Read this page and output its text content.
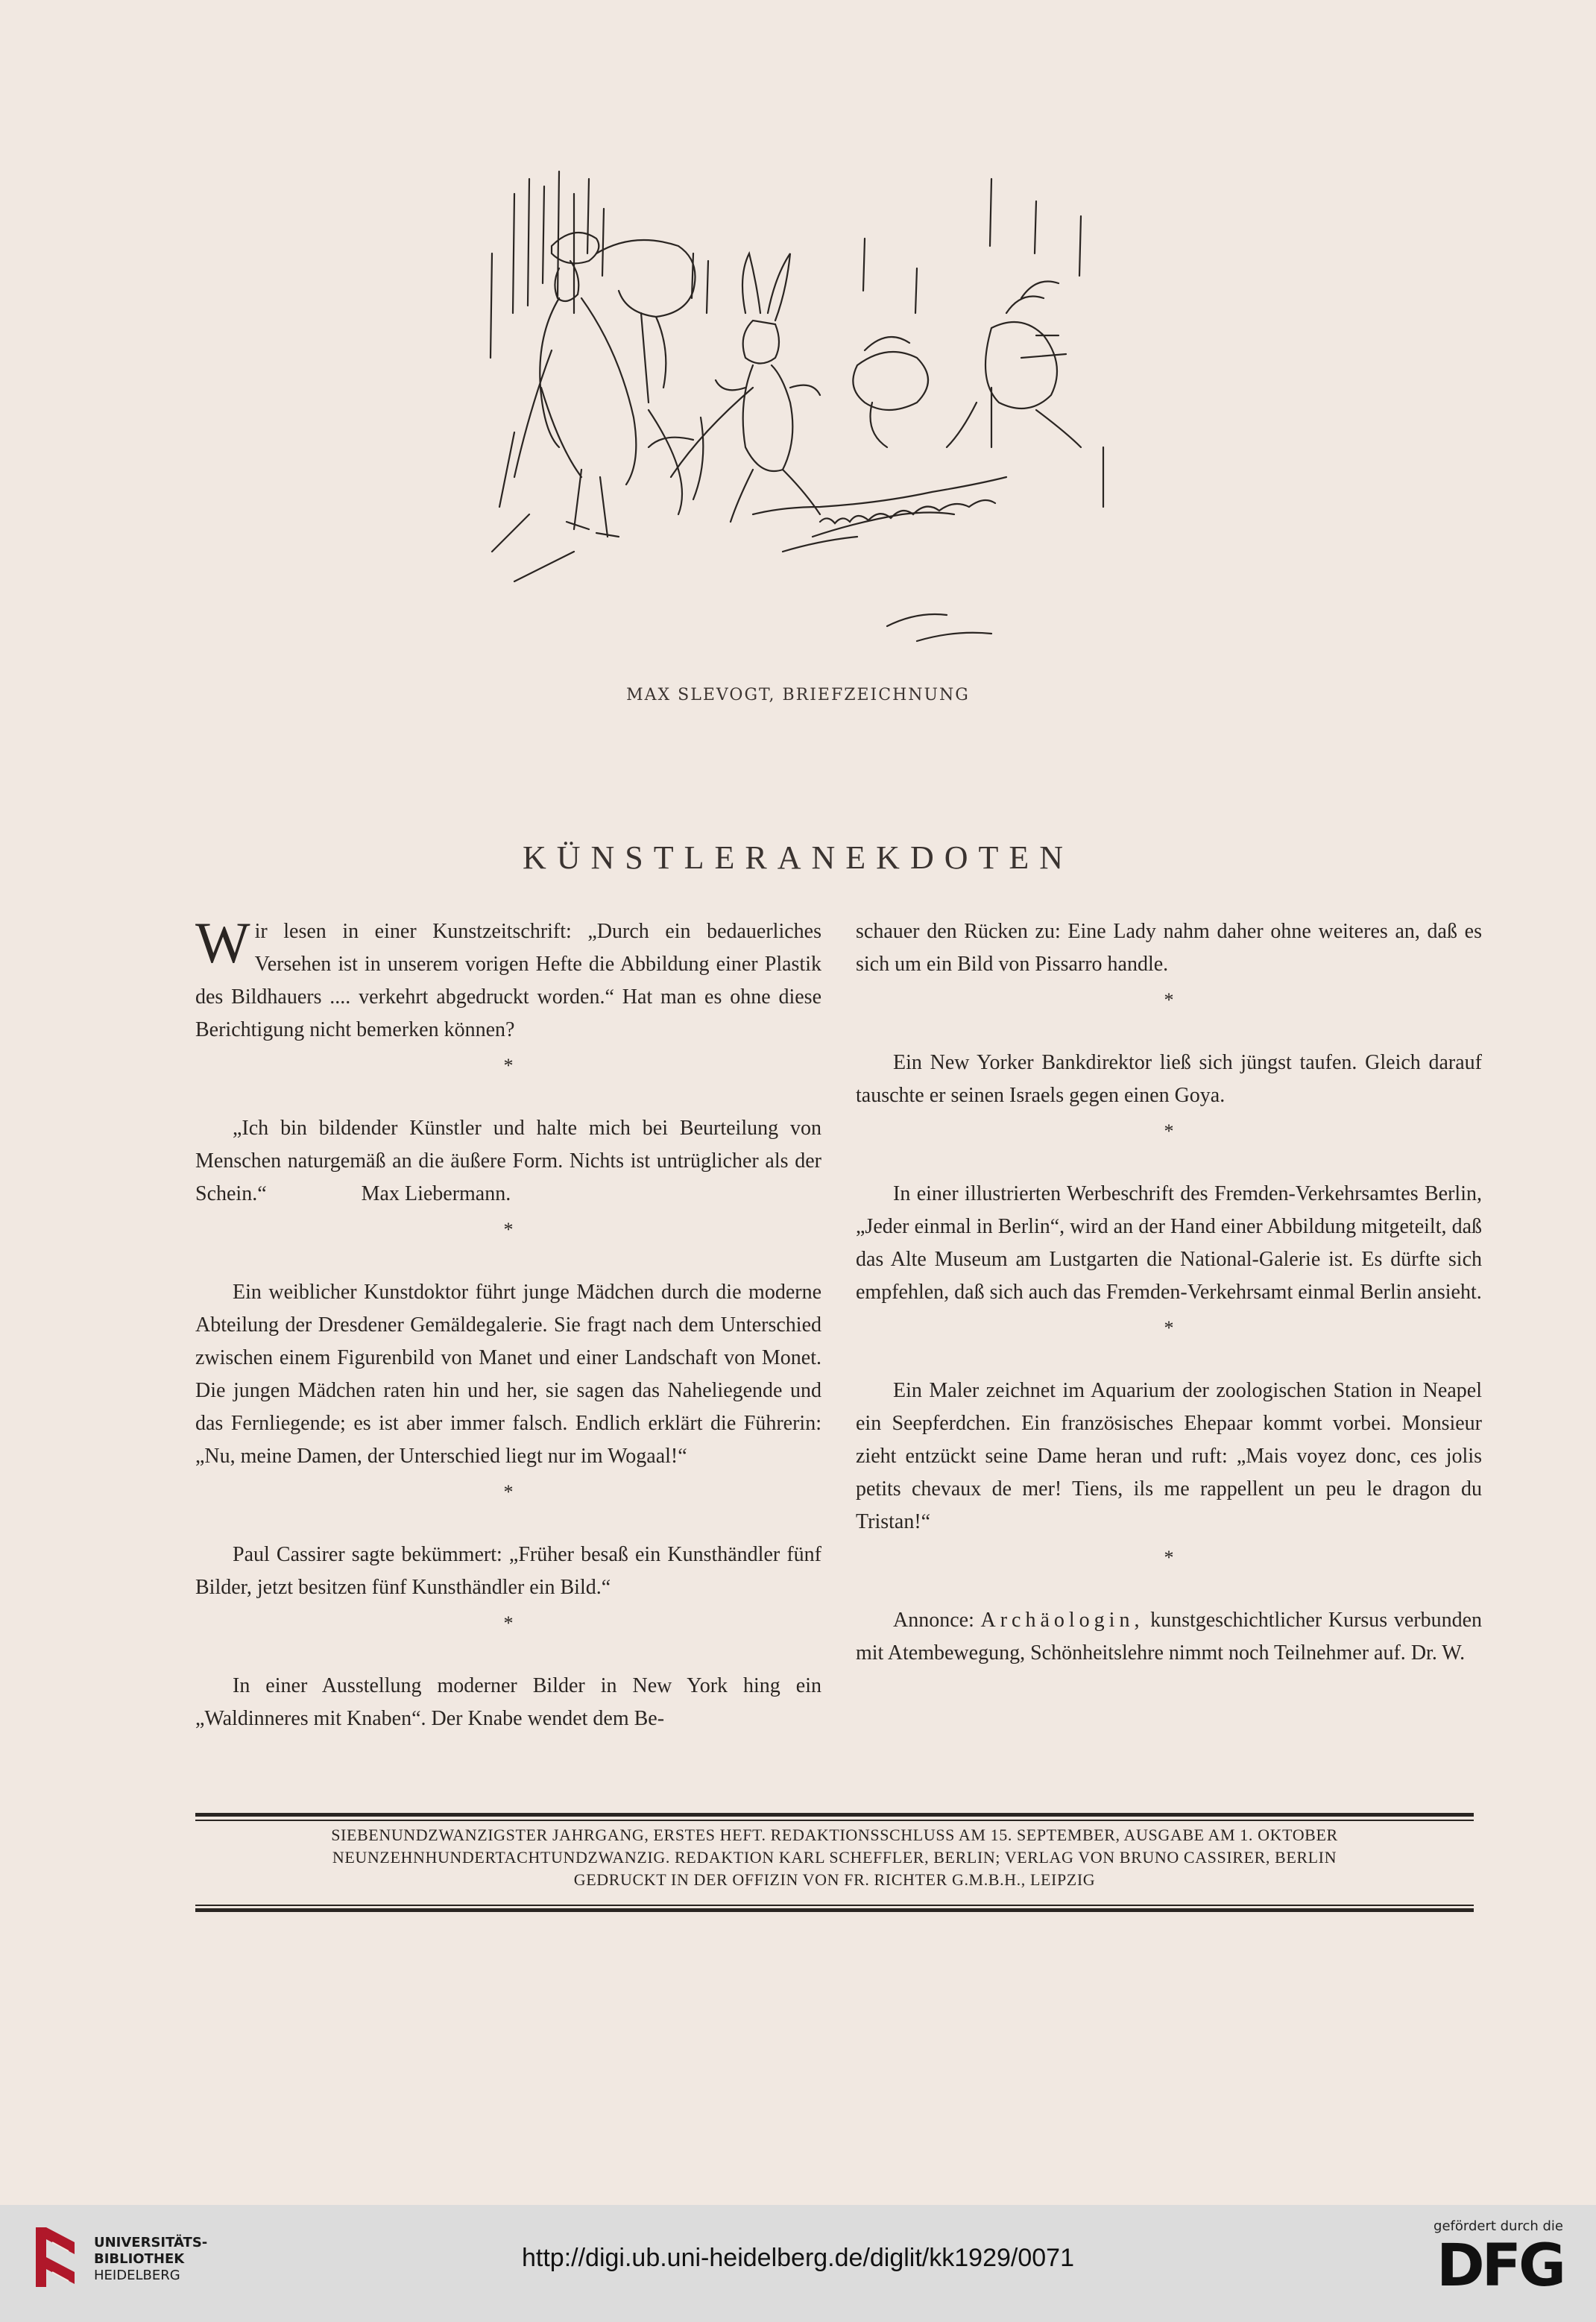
MAX SLEVOGT, BRIEFZEICHNUNG
KÜNSTLERANEKDOTEN

Wir lesen in einer Kunstzeitschrift: „Durch ein bedauerliches Versehen ist in unserem vorigen Hefte die Abbildung einer Plastik des Bildhauers .... verkehrt abgedruckt worden.“ Hat man es ohne diese Berichtigung nicht bemerken können?

*

„Ich bin bildender Künstler und halte mich bei Beurteilung von Menschen naturgemäß an die äußere Form. Nichts ist untrüglicher als der Schein.“	Max Liebermann.

*

Ein weiblicher Kunstdoktor führt junge Mädchen durch die moderne Abteilung der Dresdener Gemäldegalerie. Sie fragt nach dem Unterschied zwischen einem Figurenbild von Manet und einer Landschaft von Monet. Die jungen Mädchen raten hin und her, sie sagen das Naheliegende und das Fernliegende; es ist aber immer falsch. Endlich erklärt die Führerin: „Nu, meine Damen, der Unterschied liegt nur im Wogaal!“

*

Paul Cassirer sagte bekümmert: „Früher besaß ein Kunsthändler fünf Bilder, jetzt besitzen fünf Kunsthändler ein Bild.“

*

In einer Ausstellung moderner Bilder in New York hing ein „Waldinneres mit Knaben“. Der Knabe wendet dem Be-

schauer den Rücken zu: Eine Lady nahm daher ohne weiteres an, daß es sich um ein Bild von Pissarro handle.

*

Ein New Yorker Bankdirektor ließ sich jüngst taufen. Gleich darauf tauschte er seinen Israels gegen einen Goya.

*

In einer illustrierten Werbeschrift des Fremden-Verkehrsamtes Berlin, „Jeder einmal in Berlin“, wird an der Hand einer Abbildung mitgeteilt, daß das Alte Museum am Lustgarten die National-Galerie ist. Es dürfte sich empfehlen, daß sich auch das Fremden-Verkehrsamt einmal Berlin ansieht.

*

Ein Maler zeichnet im Aquarium der zoologischen Station in Neapel ein Seepferdchen. Ein französisches Ehepaar kommt vorbei. Monsieur zieht entzückt seine Dame heran und ruft: „Mais voyez donc, ces jolis petits chevaux de mer! Tiens, ils me rappellent un peu le dragon du Tristan!“

*

Annonce: Archäologin, kunstgeschichtlicher Kursus verbunden mit Atembewegung, Schönheitslehre nimmt noch Teilnehmer auf. Dr. W.

SIEBENUNDZWANZIGSTER JAHRGANG, ERSTES HEFT. REDAKTIONSSCHLUSS AM 15. SEPTEMBER, AUSGABE AM 1. OKTOBER
NEUNZEHNHUNDERTACHTUNDZWANZIG. REDAKTION KARL SCHEFFLER, BERLIN; VERLAG VON BRUNO CASSIRER, BERLIN
GEDRUCKT IN DER OFFIZIN VON FR. RICHTER G.M.B.H., LEIPZIG
UNIVERSITÄTS-
BIBLIOTHEK
HEIDELBERG
http://digi.ub.uni-heidelberg.de/diglit/kk1929/0071
gefördert durch die
DFG
